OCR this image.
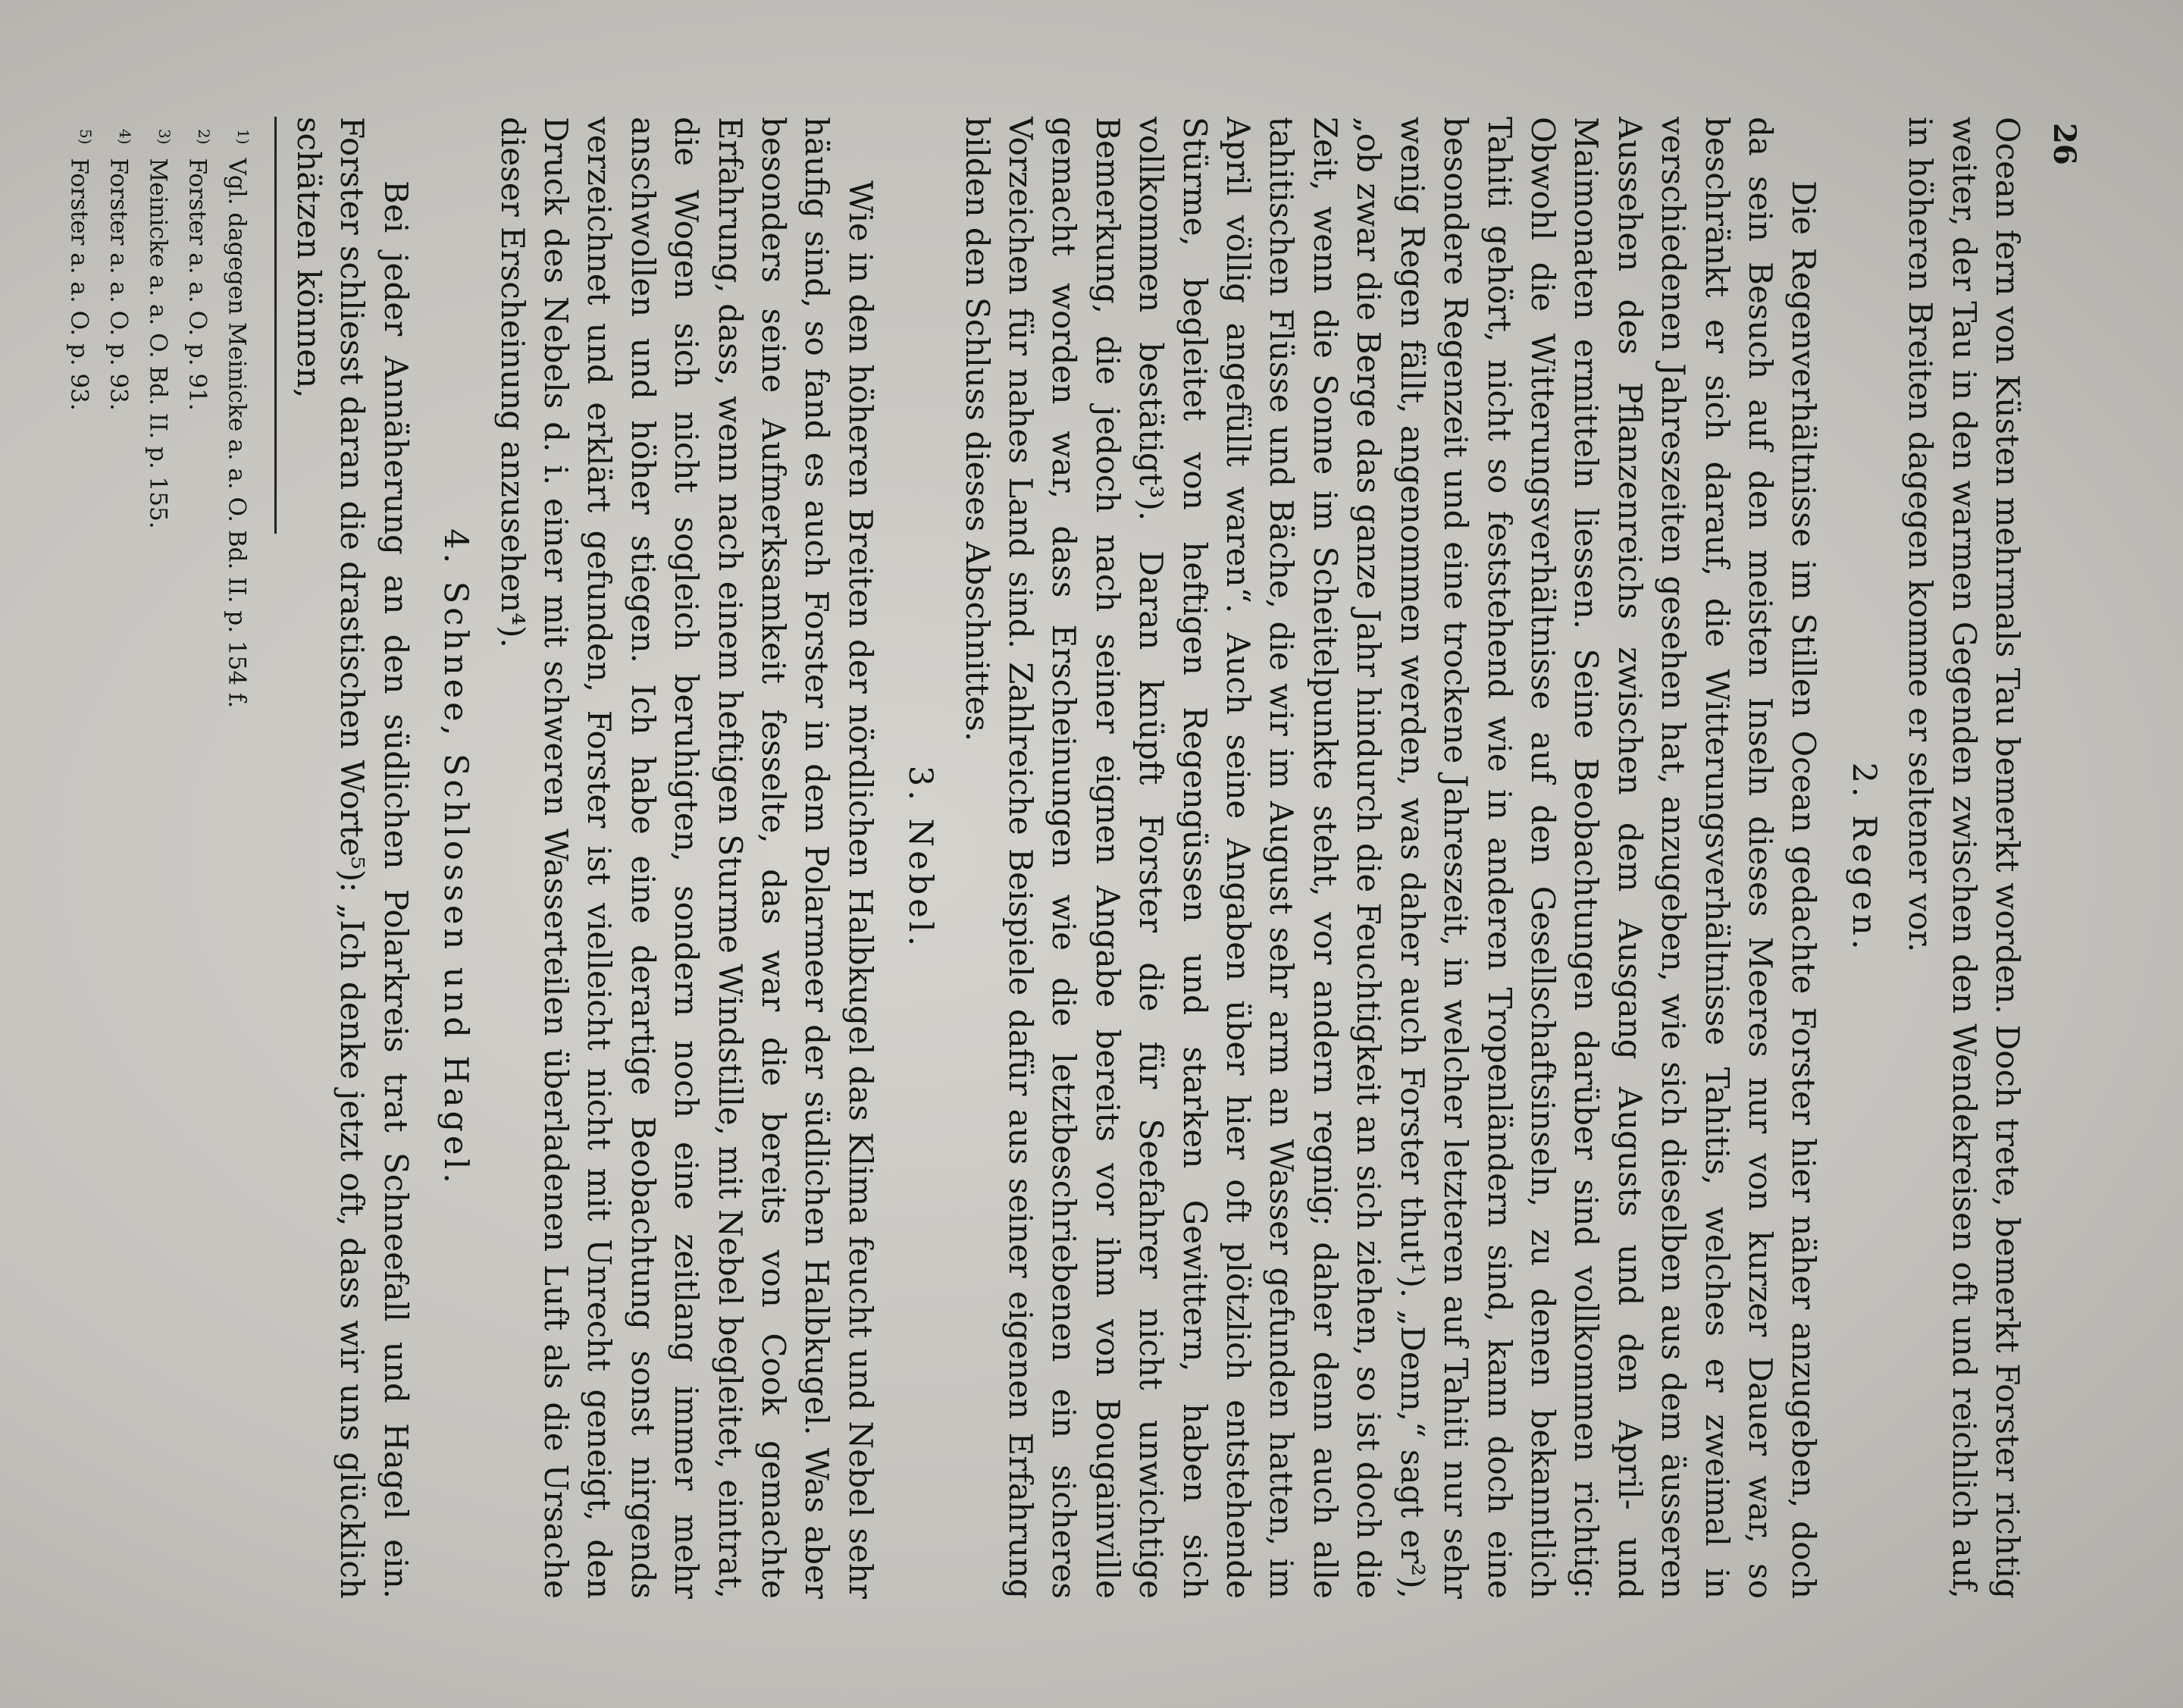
26

Ocean fern von Küsten mehrmals Tau bemerkt worden. Doch trete, bemerkt Forster richtig weiter, der Tau in den warmen Gegenden zwischen den Wendekreisen oft und reichlich auf, in höheren Breiten dagegen komme er seltener vor.

2. Regen.

Die Regenverhältnisse im Stillen Ocean gedachte Forster hier näher anzugeben, doch da sein Besuch auf den meisten Inseln dieses Meeres nur von kurzer Dauer war, so beschränkt er sich darauf, die Witterungsverhältnisse Tahitis, welches er zweimal in verschiedenen Jahreszeiten gesehen hat, anzugeben, wie sich dieselben aus dem äusseren Aussehen des Pflanzenreichs zwischen dem Ausgang Augusts und den April- und Maimonaten ermitteln liessen. Seine Beobachtungen darüber sind vollkommen richtig: Obwohl die Witterungsverhältnisse auf den Gesellschaftsinseln, zu denen bekanntlich Tahiti gehört, nicht so feststehend wie in anderen Tropenländern sind, kann doch eine besondere Regenzeit und eine trockene Jahreszeit, in welcher letzteren auf Tahiti nur sehr wenig Regen fällt, angenommen werden, was daher auch Forster thut¹). „Denn,“ sagt er²), „ob zwar die Berge das ganze Jahr hindurch die Feuchtigkeit an sich ziehen, so ist doch die Zeit, wenn die Sonne im Scheitelpunkte steht, vor andern regnig; daher denn auch alle tahitischen Flüsse und Bäche, die wir im August sehr arm an Wasser gefunden hatten, im April völlig angefüllt waren“. Auch seine Angaben über hier oft plötzlich entstehende Stürme, begleitet von heftigen Regengüssen und starken Gewittern, haben sich vollkommen bestätigt³). Daran knüpft Forster die für Seefahrer nicht unwichtige Bemerkung, die jedoch nach seiner eignen Angabe bereits vor ihm von Bougainville gemacht worden war, dass Erscheinungen wie die letztbeschriebenen ein sicheres Vorzeichen für nahes Land sind. Zahlreiche Beispiele dafür aus seiner eigenen Erfahrung bilden den Schluss dieses Abschnittes.

3. Nebel.

Wie in den höheren Breiten der nördlichen Halbkugel das Klima feucht und Nebel sehr häufig sind, so fand es auch Forster in dem Polarmeer der südlichen Halbkugel. Was aber besonders seine Aufmerksamkeit fesselte, das war die bereits von Cook gemachte Erfahrung, dass, wenn nach einem heftigen Sturme Windstille, mit Nebel begleitet, eintrat, die Wogen sich nicht sogleich beruhigten, sondern noch eine zeitlang immer mehr anschwollen und höher stiegen. Ich habe eine derartige Beobachtung sonst nirgends verzeichnet und erklärt gefunden, Forster ist vielleicht nicht mit Unrecht geneigt, den Druck des Nebels d. i. einer mit schweren Wasserteilen überladenen Luft als die Ursache dieser Erscheinung anzusehen⁴).

4. Schnee, Schlossen und Hagel.

Bei jeder Annäherung an den südlichen Polarkreis trat Schneefall und Hagel ein. Forster schliesst daran die drastischen Worte⁵): „Ich denke jetzt oft, dass wir uns glücklich schätzen können,

$^{1)}$Vgl. dagegen Meinicke a. a. O. Bd. II. p. 154 f.

$^{2)}$Forster a. a. O. p. 91.

$^{3)}$Meinicke a. a. O. Bd. II. p. 155.

$^{4)}$Forster a. a. O. p. 93.

$^{5)}$Forster a. a. O. p. 93.
